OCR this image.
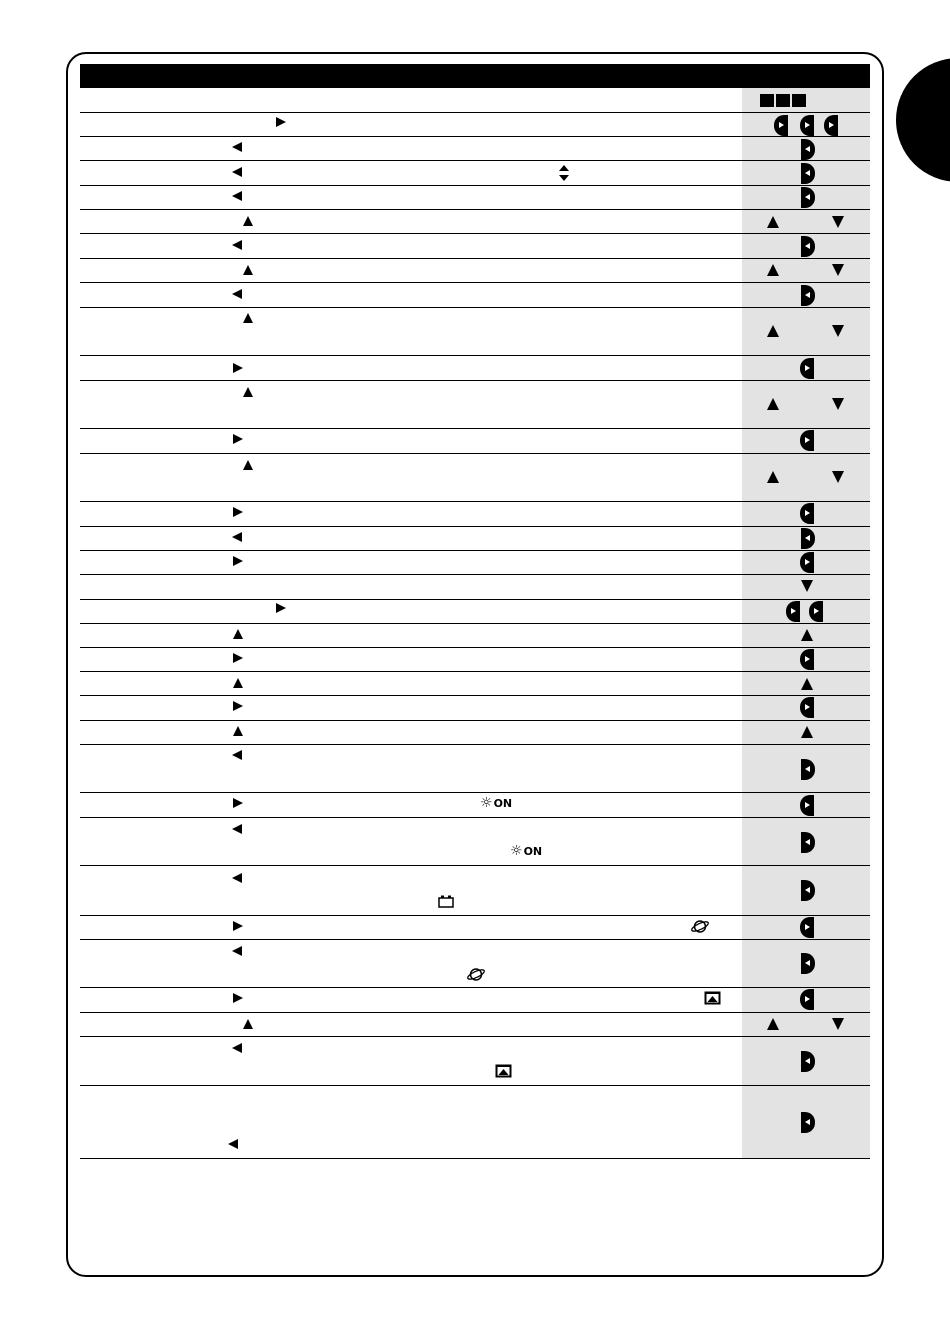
☼ON
☼ON
